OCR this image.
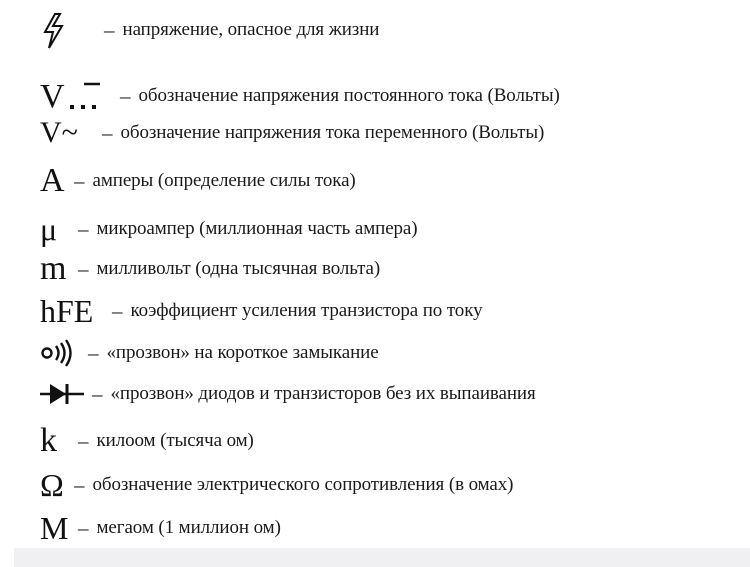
– напряжение, опасное для жизни
V	– обозначение напряжения постоянного тока (Вольты)
V~	– обозначение напряжения тока переменного (Вольты)
A – амперы (определение силы тока)
μ – микроампер (миллионная часть ампера)
m – милливольт (одна тысячная вольта)
hFE – коэффициент усиления транзистора по току
– «прозвон» на короткое замыкание
– «прозвон» диодов и транзисторов без их выпаивания
k	– килоом (тысяча ом)
Ω – обозначение электрического сопротивления (в омах)
M – мегаом (1 миллион ом)
